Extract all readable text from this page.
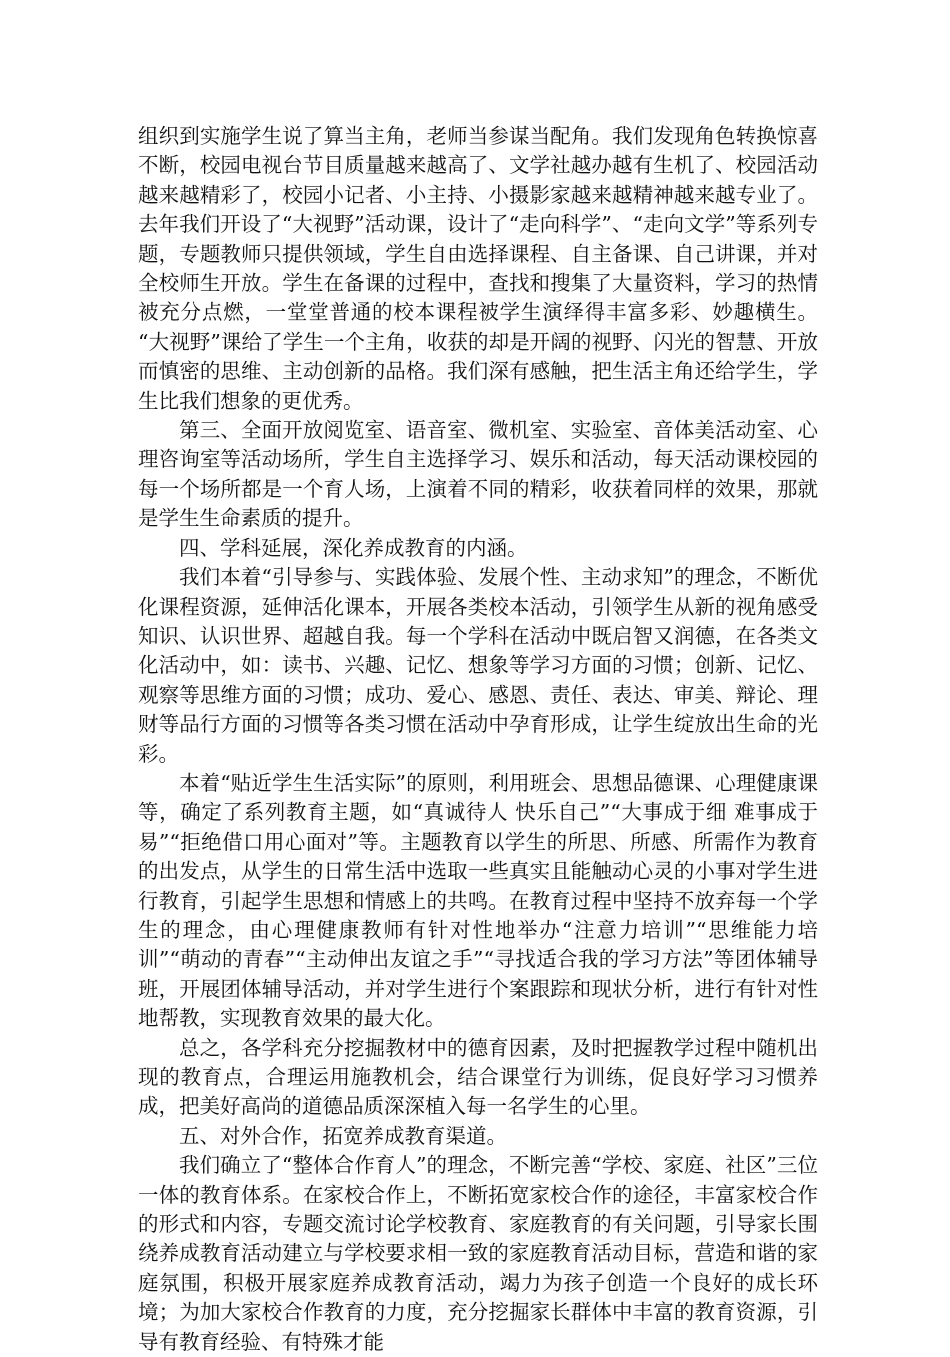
组织到实施学生说了算当主角，老师当参谋当配角。我们发现角色转换惊喜不断，校园电视台节目质量越来越高了、文学社越办越有生机了、校园活动越来越精彩了，校园小记者、小主持、小摄影家越来越精神越来越专业了。去年我们开设了“大视野”活动课，设计了“走向科学”、“走向文学”等系列专题，专题教师只提供领域，学生自由选择课程、自主备课、自己讲课，并对全校师生开放。学生在备课的过程中，查找和搜集了大量资料，学习的热情被充分点燃，一堂堂普通的校本课程被学生演绎得丰富多彩、妙趣横生。 “大视野”课给了学生一个主角，收获的却是开阔的视野、闪光的智慧、开放而慎密的思维、主动创新的品格。我们深有感触，把生活主角还给学生，学生比我们想象的更优秀。

第三、全面开放阅览室、语音室、微机室、实验室、音体美活动室、心理咨询室等活动场所，学生自主选择学习、娱乐和活动，每天活动课校园的每一个场所都是一个育人场，上演着不同的精彩，收获着同样的效果，那就是学生生命素质的提升。

四、学科延展，深化养成教育的内涵。

我们本着“引导参与、实践体验、发展个性、主动求知”的理念，不断优化课程资源，延伸活化课本，开展各类校本活动，引领学生从新的视角感受知识、认识世界、超越自我。每一个学科在活动中既启智又润德，在各类文化活动中，如：读书、兴趣、记忆、想象等学习方面的习惯；创新、记忆、观察等思维方面的习惯；成功、爱心、感恩、责任、表达、审美、辩论、理财等品行方面的习惯等各类习惯在活动中孕育形成，让学生绽放出生命的光彩。

本着“贴近学生生活实际”的原则，利用班会、思想品德课、心理健康课等，确定了系列教育主题，如“真诚待人 快乐自己”“大事成于细 难事成于易”“拒绝借口用心面对”等。主题教育以学生的所思、所感、所需作为教育的出发点，从学生的日常生活中选取一些真实且能触动心灵的小事对学生进行教育，引起学生思想和情感上的共鸣。在教育过程中坚持不放弃每一个学生的理念，由心理健康教师有针对性地举办“注意力培训”“思维能力培训”“萌动的青春”“主动伸出友谊之手”“寻找适合我的学习方法”等团体辅导班，开展团体辅导活动，并对学生进行个案跟踪和现状分析，进行有针对性地帮教，实现教育效果的最大化。

总之，各学科充分挖掘教材中的德育因素，及时把握教学过程中随机出现的教育点，合理运用施教机会，结合课堂行为训练，促良好学习习惯养成，把美好高尚的道德品质深深植入每一名学生的心里。

五、对外合作，拓宽养成教育渠道。

我们确立了“整体合作育人”的理念，不断完善“学校、家庭、社区”三位一体的教育体系。在家校合作上，不断拓宽家校合作的途径，丰富家校合作的形式和内容，专题交流讨论学校教育、家庭教育的有关问题，引导家长围绕养成教育活动建立与学校要求相一致的家庭教育活动目标，营造和谐的家庭氛围，积极开展家庭养成教育活动，竭力为孩子创造一个良好的成长环境；为加大家校合作教育的力度，充分挖掘家长群体中丰富的教育资源，引导有教育经验、有特殊才能
